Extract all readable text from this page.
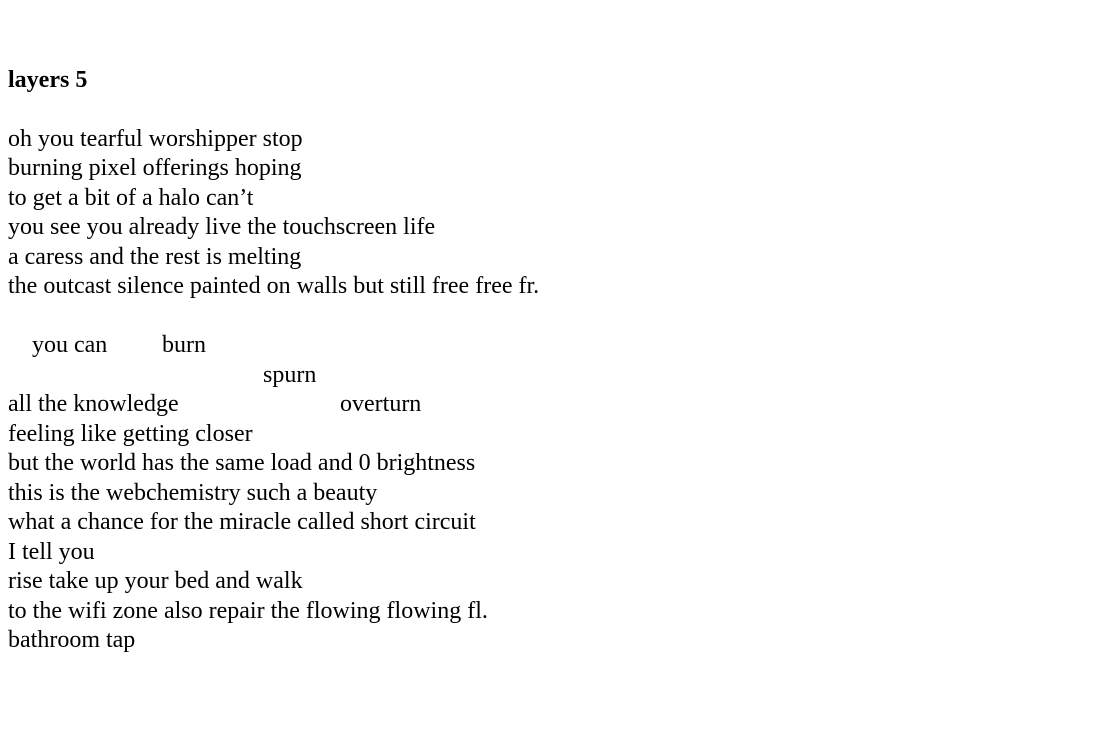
layers 5
oh you tearful worshipper stop
burning pixel offerings hoping
to get a bit of a halo can’t
you see you already live the touchscreen life
a caress and the rest is melting
the outcast silence painted on walls but still free free fr.

you can burn

spurn

overturn

all the knowledge
feeling like getting closer
but the world has the same load and 0 brightness
this is the webchemistry such a beauty
what a chance for the miracle called short circuit
I tell you
rise take up your bed and walk
to the wifi zone also repair the flowing flowing fl.
bathroom tap
